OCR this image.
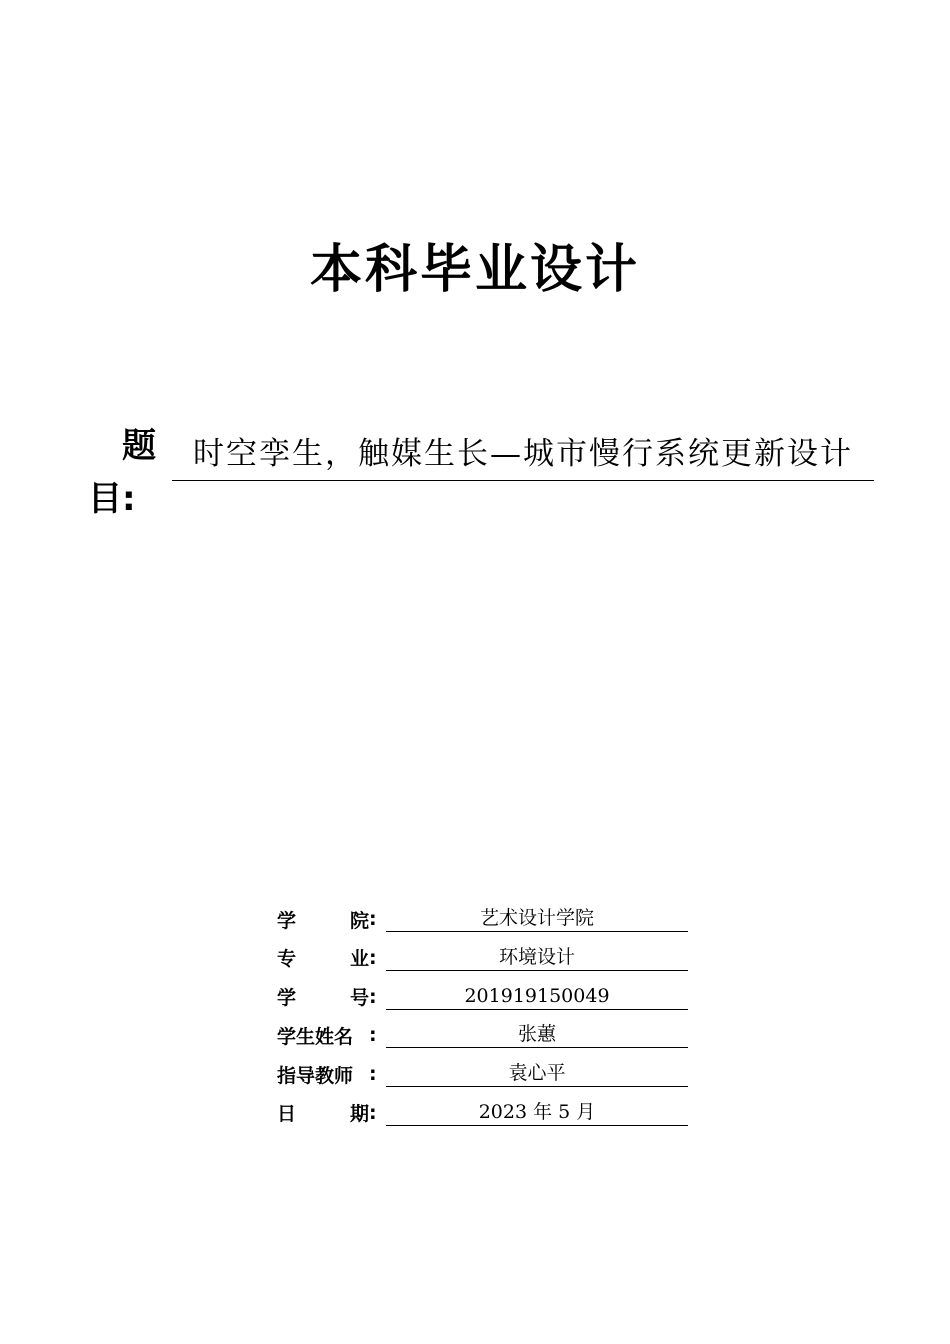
本科毕业设计
题
目:
时空孪生，触媒生长—城市慢行系统更新设计
学	院 :	艺术设计学院
专	业 :	环境设计
学	号 :	201919150049
学生姓名 :	张蕙
指导教师 :	袁心平
日	期 :	2023 年 5 月
